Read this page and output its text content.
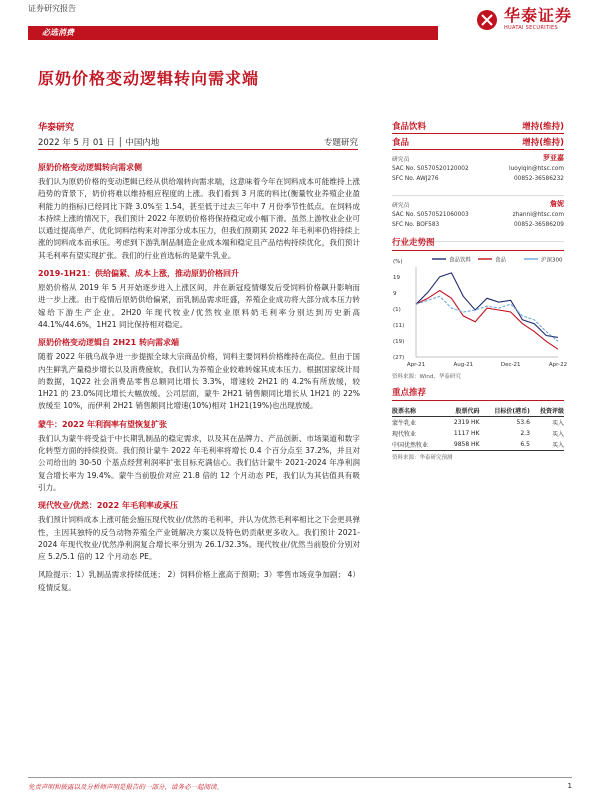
证券研究报告	华泰证券
HUATAI SECURITIES
必选消费
原奶价格变动逻辑转向需求端
华泰研究
2022 年 5 月 01 日 │ 中国内地	专题研究
原奶价格变动逻辑转向需求侧
我们认为原奶价格的变动逻辑已经从供给端转向需求端，这意味着今年在饲料成本可能维持上涨趋势的背景下，奶价将难以维持相应程度的上涨。我们看到 3 月底的料比(衡量牧业养殖企业盈利能力的指标)已经同比下降 3.0%至 1.54，甚至低于过去三年中 7 月份季节性低点。在饲料成本持续上涨的情况下，我们预计 2022 年原奶价格将保持稳定或小幅下滑。虽然上游牧业企业可以通过提高单产、优化饲料结构来对冲部分成本压力，但我们预期其 2022 年毛利率仍将持续上涨的饲料成本而承压。考虑到下游乳制品制造企业成本端和稳定且产品结构持续优化，我们预计其毛利率有望实现扩张。我们的行业首选标的是蒙牛乳业。
2019-1H21：供给偏紧、成本上涨，推动原奶价格回升
原奶价格从 2019 年 5 月开始逐步进入上涨区间，并在新冠疫情爆发后受饲料价格飙升影响而进一步上涨。由于疫情后原奶供给偏紧，而乳制品需求旺盛，养殖企业成功将大部分成本压力转嫁给下游生产企业。2H20 年现代牧业/优然牧业原料奶毛利率分别达到历史新高 44.1%/44.6%，1H21 同比保持相对稳定。
原奶价格变动逻辑自 2H21 转向需求端
随着 2022 年俄乌战争进一步提振全球大宗商品价格，饲料主要饲料价格维持在高位。但由于国内生鲜乳产量稳步增长以及消费疲软，我们认为养殖企业较难转嫁其成本压力。根据国家统计局的数据，1Q22 社会消费品零售总额同比增长 3.3%，增速较 2H21 的 4.2%有所放缓，较 1H21 的 23.0%同比增长大幅放缓。公司层面，蒙牛 2H21 销售额同比增长从 1H21 的 22%放缓至 10%，而伊利 2H21 销售额同比增速(10%)相对 1H21(19%)也出现放缓。
蒙牛：2022 年利润率有望恢复扩张
我们认为蒙牛将受益于中长期乳制品的稳定需求，以及其在品牌力、产品创新、市场渠道和数字化转型方面的持续投资。我们预计蒙牛 2022 年毛利率将增长 0.4 个百分点至 37.2%，并且对公司给出的 30-50 个基点经营利润率扩张目标充满信心。我们估计蒙牛 2021-2024 年净利润复合增长率为 19.4%。蒙牛当前股价对应 21.8 倍的 12 个月动态 PE，我们认为其估值具有吸引力。
现代牧业/优然：2022 年毛利率或承压
我们预计饲料成本上涨可能会施压现代牧业/优然的毛利率，并认为优然毛利率相比之下会更具弹性，主因其独特的反刍动物养殖全产业链解决方案以及特色奶贡献更多收入。我们预计 2021-2024 年现代牧业/优然净利润复合增长率分别为 26.1/32.3%。现代牧业/优然当前股价分别对应 5.2/5.1 倍的 12 个月动态 PE。
风险提示：1）乳制品需求持续低迷； 2）饲料价格上涨高于预期；3）零售市场竞争加剧； 4）疫情反复。
食品饮料	增持(维持)
食品	增持(维持)
研究员	罗亚嘉
SAC No. S0570520120002	luoyiqin@htsc.com
SFC No. AWJ276	00852-36586232
研究员	詹妮
SAC No. S0570521060003	zhanni@htsc.com
SFC No. BOF583	00852-36586209
行业走势图
食品饮料	食品	沪深300
(%)
19
9
(1)
(11)
(19)
(27)
Apr-21	Aug-21	Dec-21	Apr-22
资料来源：Wind，华泰研究
重点推荐
股票名称	股票代码	目标价(港币)	投资评级
蒙牛乳业	2319 HK	53.6	买入
现代牧业	1117 HK	2.3	买入
中国优然牧业	9858 HK	6.5	买入
资料来源：华泰研究预测
免责声明和披露以及分析师声明是报告的一部分，请务必一起阅读。	1
